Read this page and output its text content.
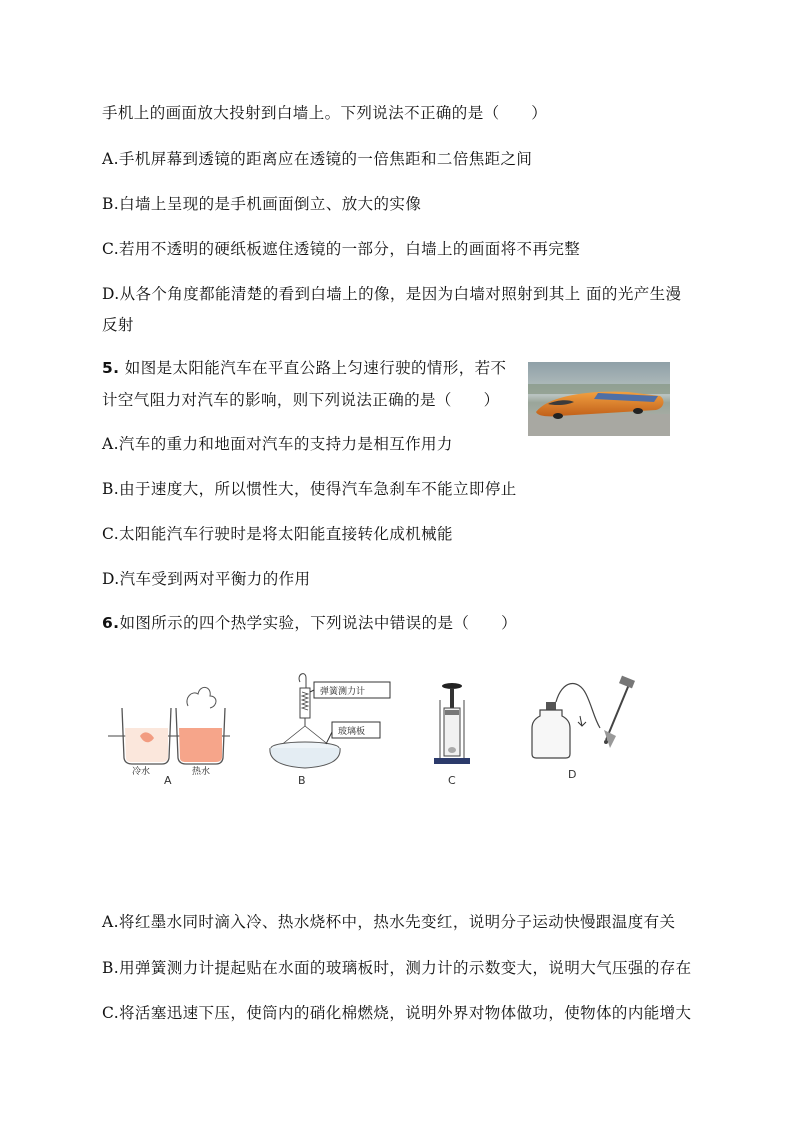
手机上的画面放大投射到白墙上。下列说法不正确的是（　　）
A.手机屏幕到透镜的距离应在透镜的一倍焦距和二倍焦距之间
B.白墙上呈现的是手机画面倒立、放大的实像
C.若用不透明的硬纸板遮住透镜的一部分，白墙上的画面将不再完整
D.从各个角度都能清楚的看到白墙上的像，是因为白墙对照射到其上 面的光产生漫
反射
5. 如图是太阳能汽车在平直公路上匀速行驶的情形，若不
计空气阻力对汽车的影响，则下列说法正确的是（　　）
A.汽车的重力和地面对汽车的支持力是相互作用力
B.由于速度大，所以惯性大，使得汽车急刹车不能立即停止
C.太阳能汽车行驶时是将太阳能直接转化成机械能
D.汽车受到两对平衡力的作用
6.如图所示的四个热学实验，下列说法中错误的是（　　）
冷水	热水
A
弹簧测力计
玻璃板
B	C	D
A.将红墨水同时滴入冷、热水烧杯中，热水先变红，说明分子运动快慢跟温度有关
B.用弹簧测力计提起贴在水面的玻璃板时，测力计的示数变大，说明大气压强的存在
C.将活塞迅速下压，使筒内的硝化棉燃烧，说明外界对物体做功，使物体的内能增大
